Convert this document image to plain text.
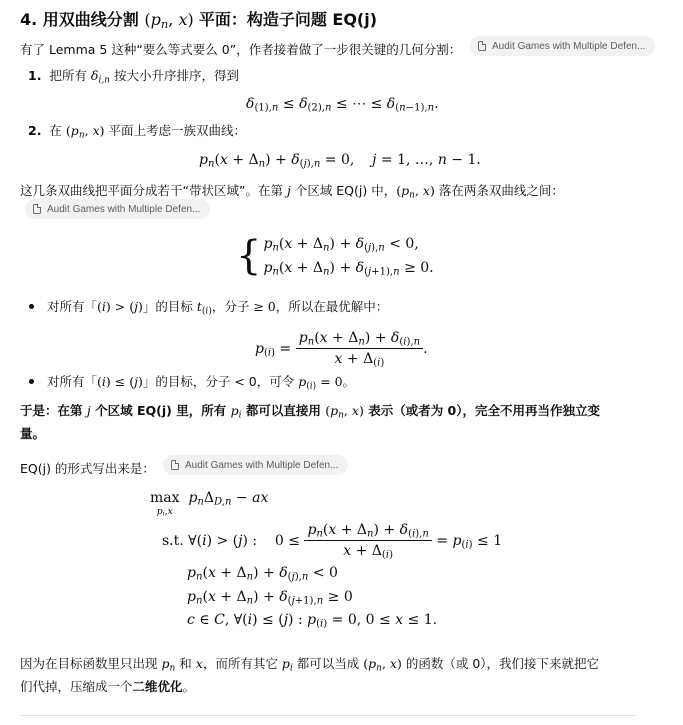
4. 用双曲线分割 ($p_n$, x) 平面：构造子问题 EQ(j)
有了 Lemma 5 这种“要么等式要么 0”，作者接着做了一步很关键的几何分割：	Audit Games with Multiple Defen...
1. 把所有 $\delta_{i,n}$ 按大小升序排序，得到
$\delta_{(1),n} \le \delta_{(2),n}$ ≤ ⋯ ≤ $\delta_{(n-1),n}$.
2. 在 ($p_n$, x) 平面上考虑一族双曲线：
$p_n(x + \Delta_n) + \delta_{(j),n} = 0$,    j = 1, …, n − 1.
这几条双曲线把平面分成若干“带状区域”。在第 j 个区域 EQ(j) 中，($p_n$, x) 落在两条双曲线之间：
Audit Games with Multiple Defen...
{ $p_n(x + \Delta_n) + \delta_{(j),n} < 0$,
$p_n(x + \Delta_n) + \delta_{(j+1),n} \ge 0$.
对所有「(i) > (j)」的目标 $t_{(i)}$，分子 ≥ 0，所以在最优解中：
$p_{(i)} = \frac{p_n(x + \Delta_n) + \delta_{(i),n}}{x + \Delta_{(i)}}$ .
对所有「(i) ≤ (j)」的目标，分子 < 0，可令 $p_{(i)} = 0$。
于是：在第 j 个区域 EQ(j) 里，所有 $p_i$ 都可以直接用 ($p_n$, x) 表示（或者为 0），完全不用再当作独立变
量。
EQ(j) 的形式写出来是：	Audit Games with Multiple Defen...
max
$^{p_i,x}$  $p_n\Delta_{D,n}$ − ax
s.t. ∀(i) > (j) :    $0 \le \frac{p_n(x + \Delta_n) + \delta_{(i),n}}{x + \Delta_{(i)}} = p_{(i)} \le 1$
$p_n(x + \Delta_n) + \delta_{(j),n} < 0$
$p_n(x + \Delta_n) + \delta_{(j+1),n} \ge 0$
c ∈ C, ∀(i) ≤ (j) : $p_{(i)} = 0$, 0 ≤ x ≤ 1.
因为在目标函数里只出现 $p_n$ 和 x，而所有其它 $p_i$ 都可以当成 ($p_n$, x) 的函数（或 0），我们接下来就把它
们代掉，压缩成一个二维优化。
